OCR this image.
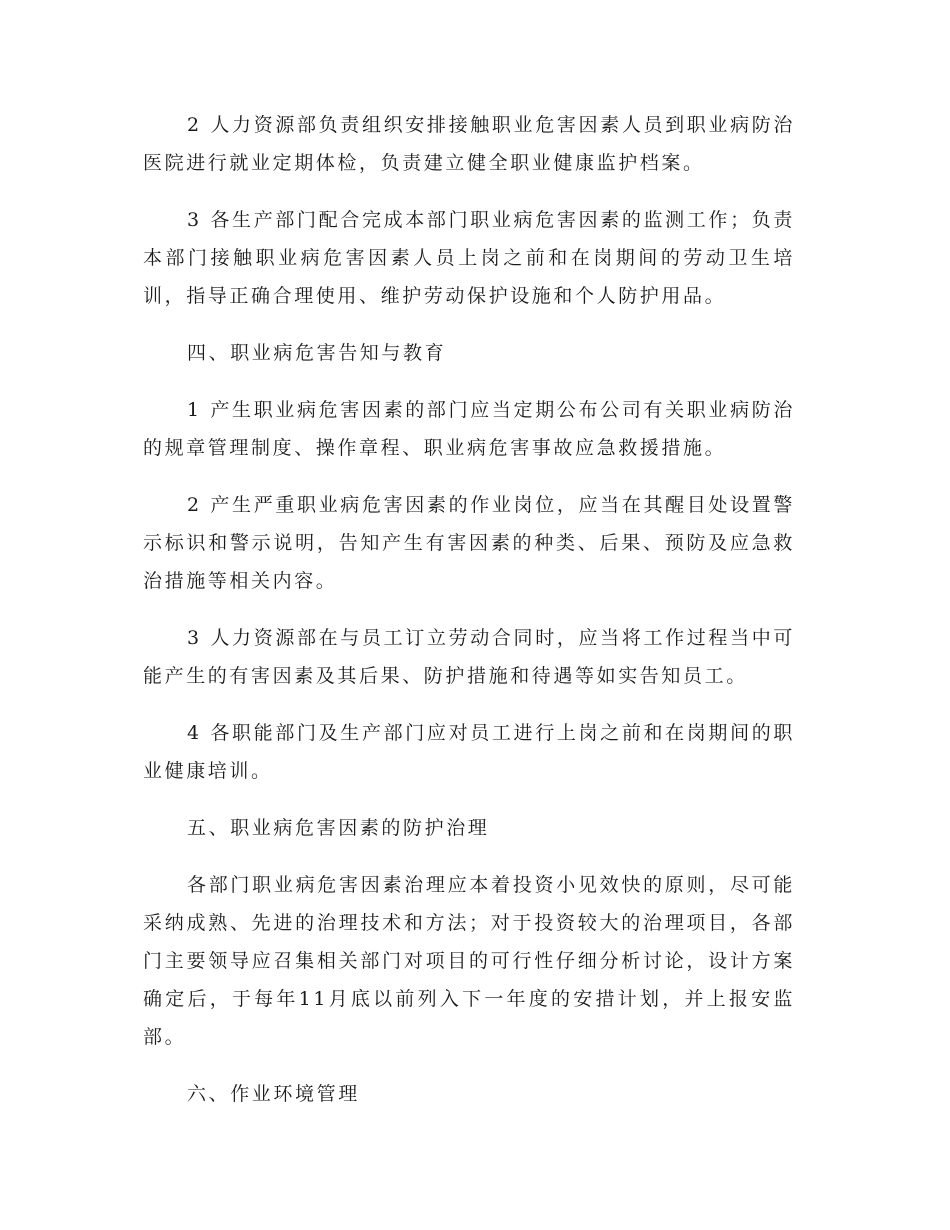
2 人力资源部负责组织安排接触职业危害因素人员到职业病防治医院进行就业定期体检，负责建立健全职业健康监护档案。

3 各生产部门配合完成本部门职业病危害因素的监测工作；负责本部门接触职业病危害因素人员上岗之前和在岗期间的劳动卫生培训，指导正确合理使用、维护劳动保护设施和个人防护用品。

四、职业病危害告知与教育

1 产生职业病危害因素的部门应当定期公布公司有关职业病防治的规章管理制度、操作章程、职业病危害事故应急救援措施。

2 产生严重职业病危害因素的作业岗位，应当在其醒目处设置警示标识和警示说明，告知产生有害因素的种类、后果、预防及应急救治措施等相关内容。

3 人力资源部在与员工订立劳动合同时，应当将工作过程当中可能产生的有害因素及其后果、防护措施和待遇等如实告知员工。

4 各职能部门及生产部门应对员工进行上岗之前和在岗期间的职业健康培训。

五、职业病危害因素的防护治理

各部门职业病危害因素治理应本着投资小见效快的原则，尽可能采纳成熟、先进的治理技术和方法；对于投资较大的治理项目，各部门主要领导应召集相关部门对项目的可行性仔细分析讨论，设计方案确定后，于每年11月底以前列入下一年度的安措计划，并上报安监部。

六、作业环境管理
